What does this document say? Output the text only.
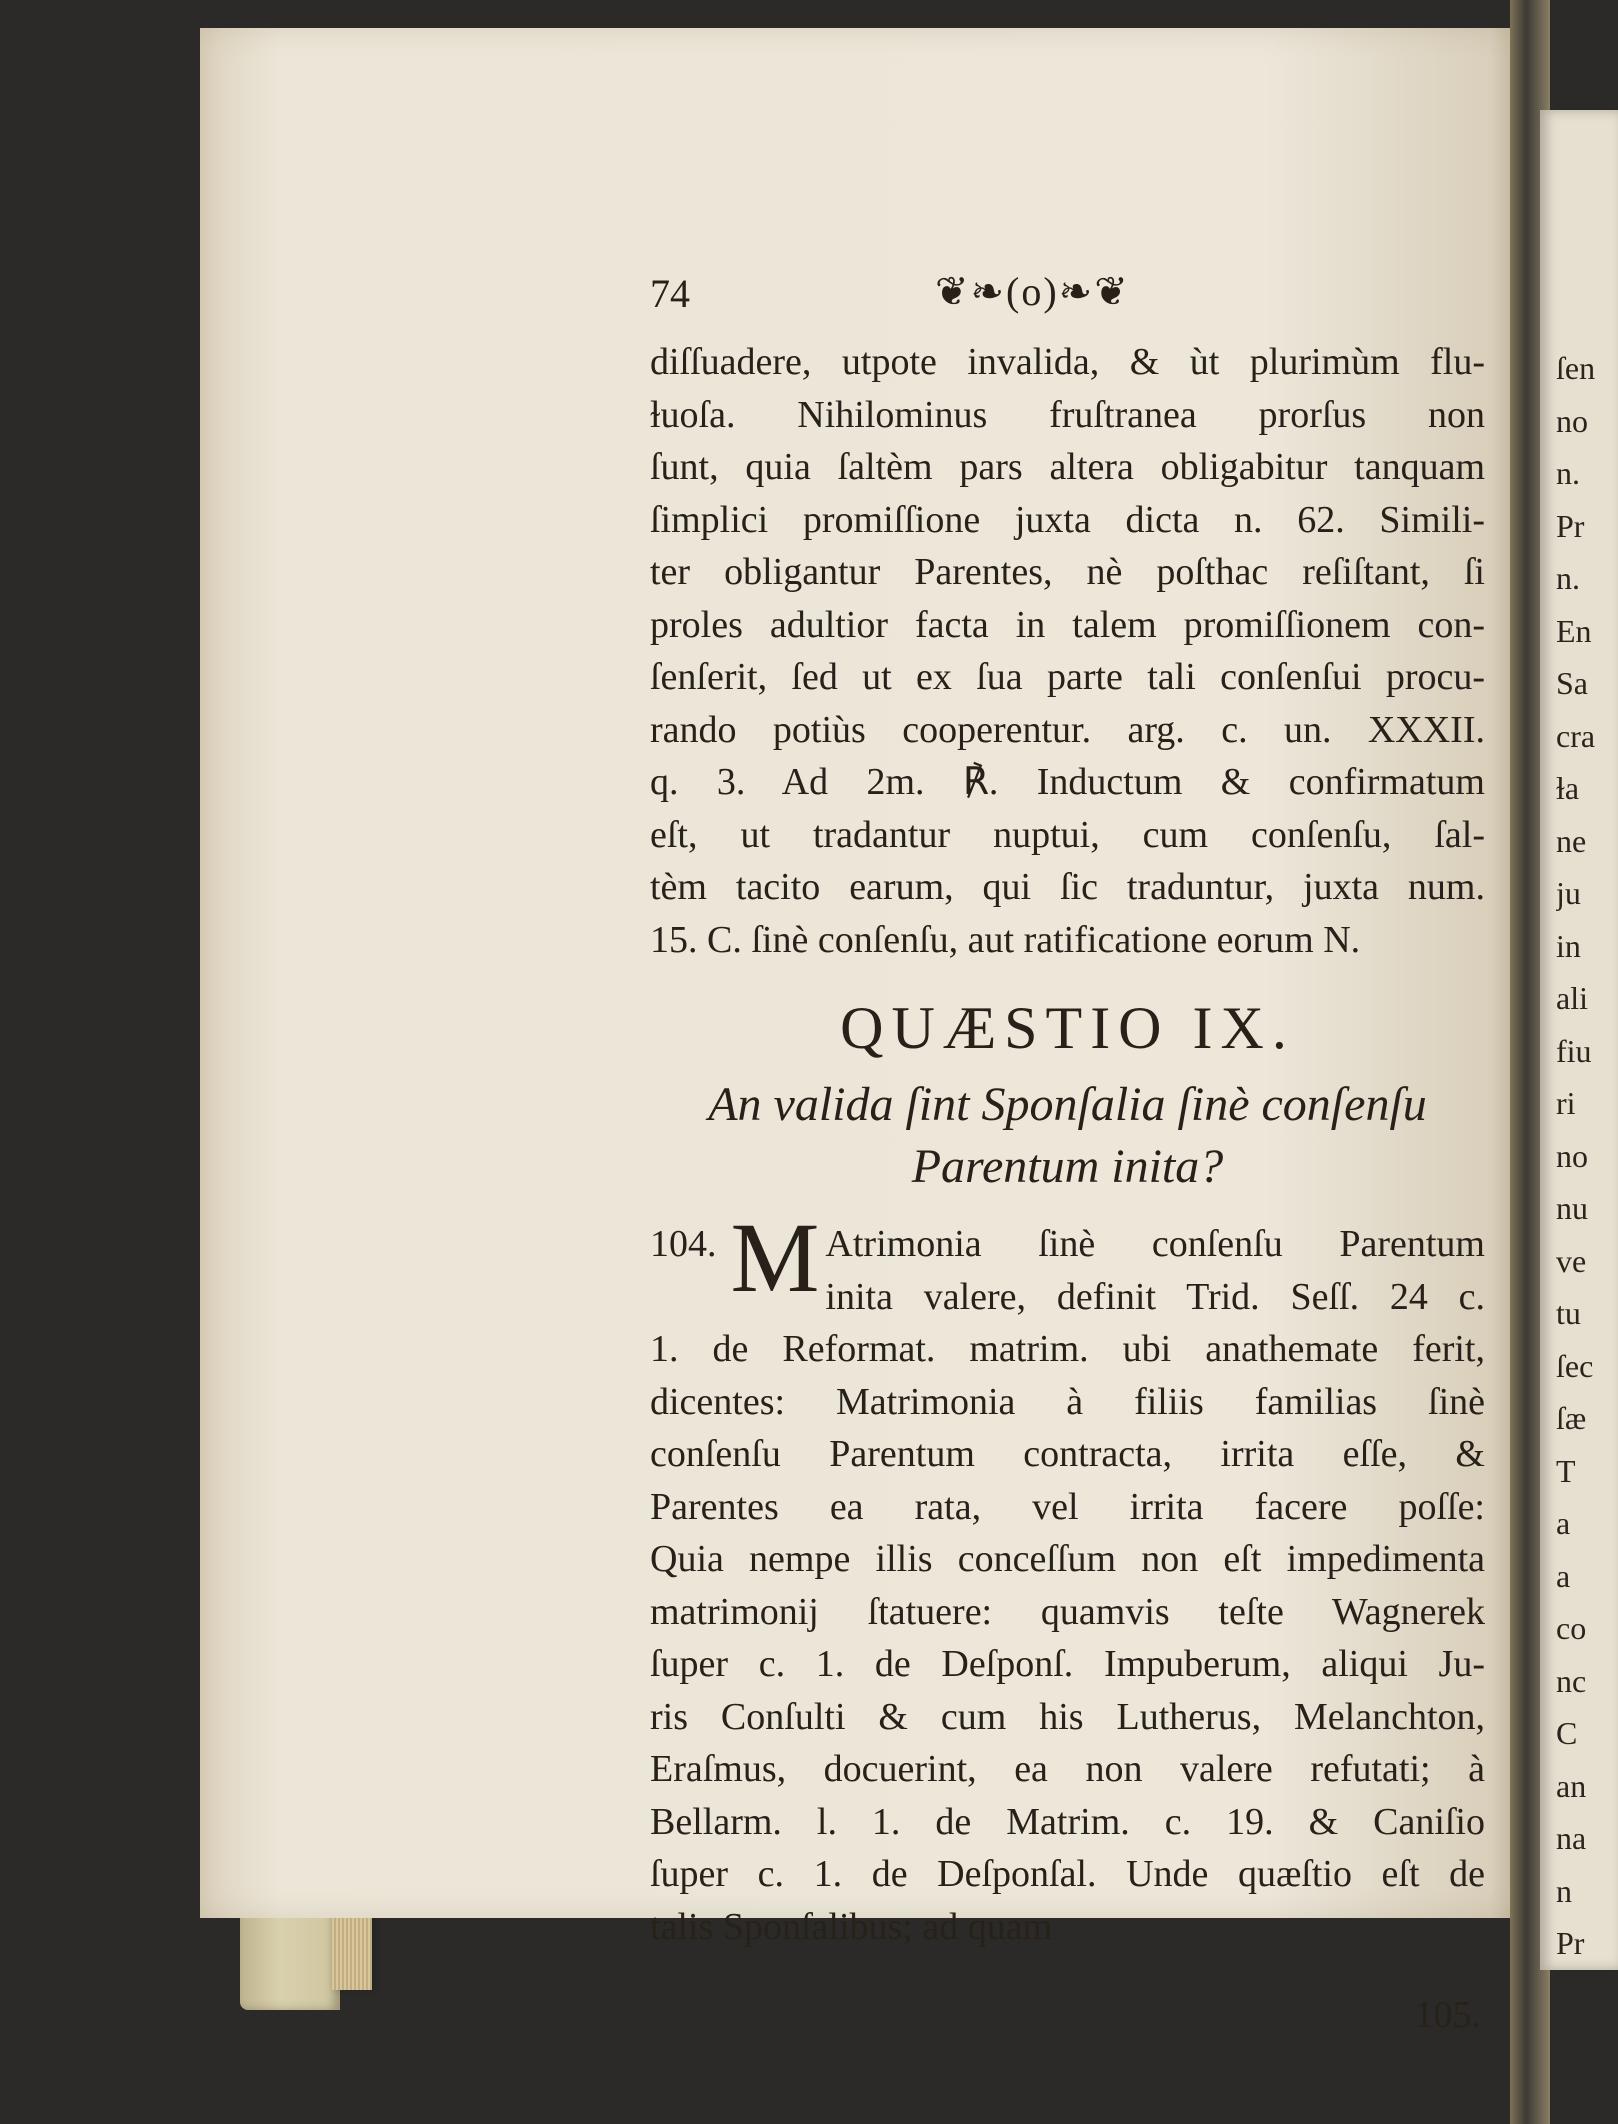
ſen
no
n.
Pr
n.
En
Sa
cra
ɫa
ne
ju
in
ali
fiu
ri
no
nu
ve
tu
ſec
ſæ
T
a
a
co
nc
C
an
na
n
Pr
74	❦❧(o)❧❦
diſſuadere, utpote invalida, & ùt plurimùm flu-
ɫuoſa. Nihilominus fruſtranea prorſus non
ſunt, quia ſaltèm pars altera obligabitur tanquam
ſimplici promiſſione juxta dicta n. 62. Simili-
ter obligantur Parentes, nè poſthac reſiſtant, ſi
proles adultior facta in talem promiſſionem con-
ſenſerit, ſed ut ex ſua parte tali conſenſui procu-
rando potiùs cooperentur. arg. c. un. XXXII.
q. 3. Ad 2m. ℟. Inductum & confirmatum
eſt, ut tradantur nuptui, cum conſenſu, ſal-
tèm tacito earum, qui ſic traduntur, juxta num.
15. C. ſinè conſenſu, aut ratificatione eorum N.
QUÆSTIO IX.
An valida ſint Sponſalia ſinè conſenſu
Parentum inita?
104. M Atrimonia ſinè conſenſu Parentum
inita valere, definit Trid. Seſſ. 24 c.
1. de Reformat. matrim. ubi anathemate ferit,
dicentes: Matrimonia à filiis familias ſinè
conſenſu Parentum contracta, irrita eſſe, &
Parentes ea rata, vel irrita facere poſſe:
Quia nempe illis conceſſum non eſt impedimenta
matrimonij ſtatuere: quamvis teſte Wagnerek
ſuper c. 1. de Deſponſ. Impuberum, aliqui Ju-
ris Conſulti & cum his Lutherus, Melanchton,
Eraſmus, docuerint, ea non valere refutati; à
Bellarm. l. 1. de Matrim. c. 19. & Caniſio
ſuper c. 1. de Deſponſal. Unde quæſtio eſt de
talis Sponſalibus; ad quam
105.
